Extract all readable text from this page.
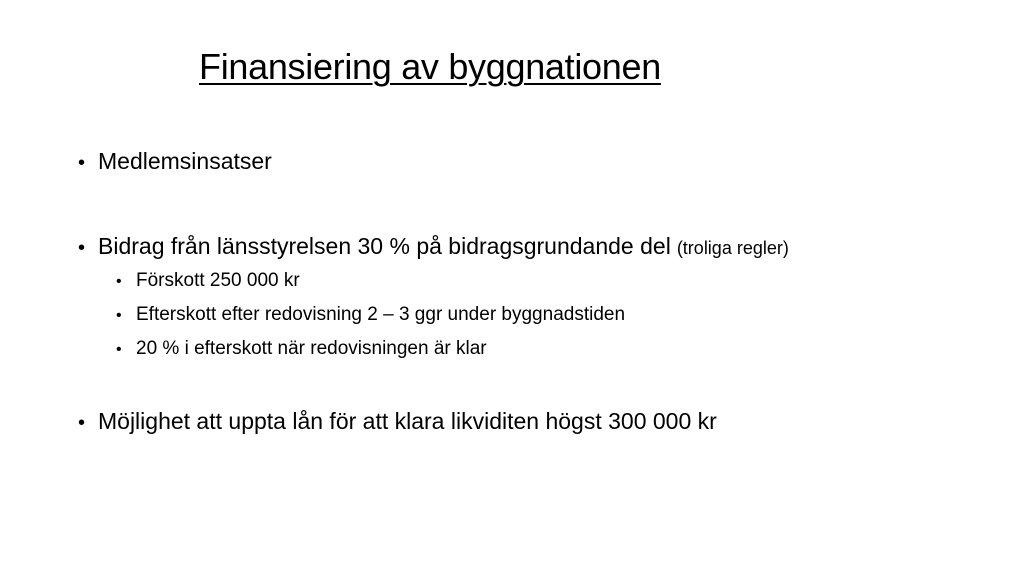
Finansiering av byggnationen
• Medlemsinsatser
• Bidrag från länsstyrelsen 30 % på bidragsgrundande del (troliga regler)
• Förskott 250 000 kr
• Efterskott efter redovisning 2 – 3 ggr under byggnadstiden
• 20 % i efterskott när redovisningen är klar
• Möjlighet att uppta lån för att klara likviditen högst 300 000 kr
